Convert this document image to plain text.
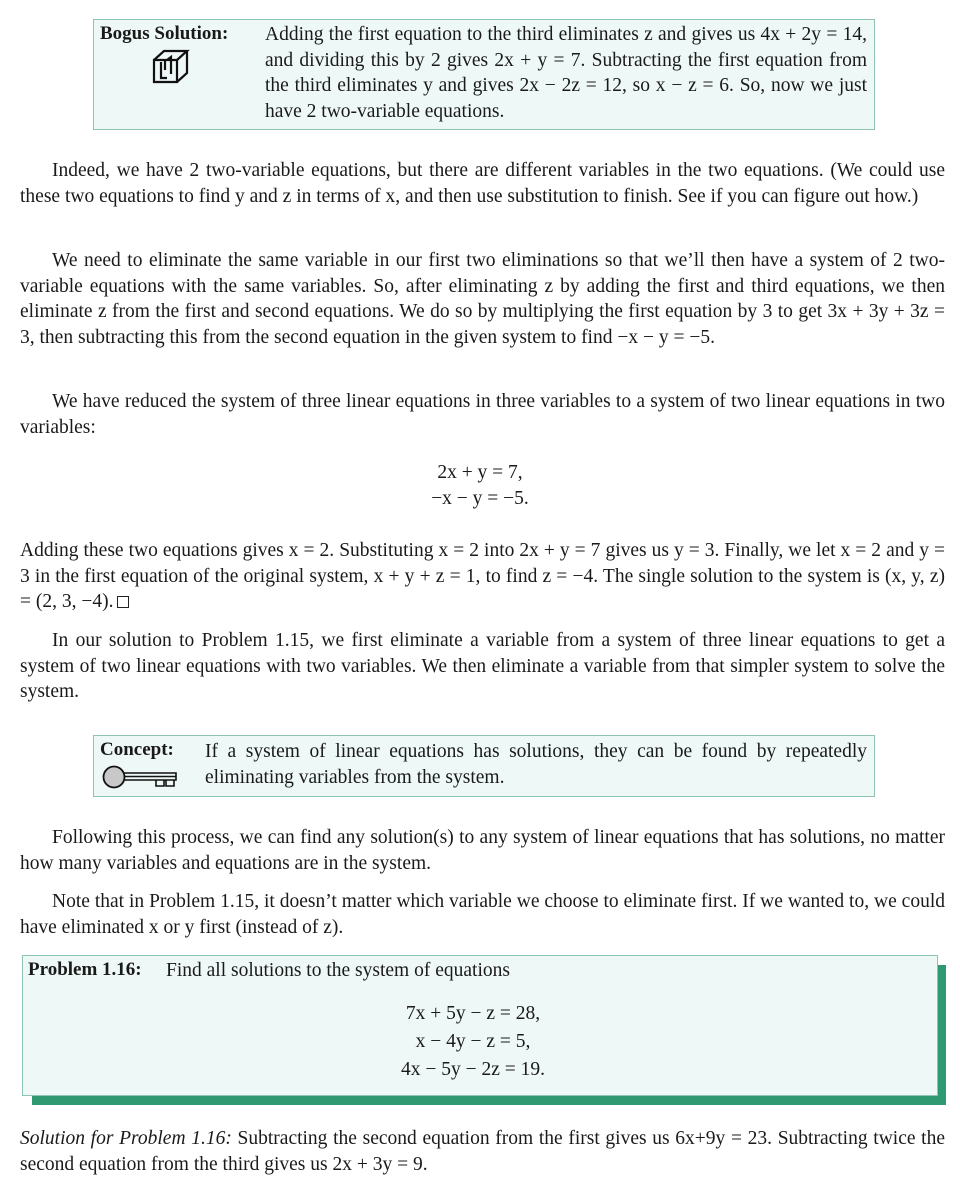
Bogus Solution: Adding the first equation to the third eliminates z and gives us 4x + 2y = 14, and dividing this by 2 gives 2x + y = 7. Subtracting the first equation from the third eliminates y and gives 2x − 2z = 12, so x − z = 6. So, now we just have 2 two-variable equations.
Indeed, we have 2 two-variable equations, but there are different variables in the two equations. (We could use these two equations to find y and z in terms of x, and then use substitution to finish. See if you can figure out how.)
We need to eliminate the same variable in our first two eliminations so that we’ll then have a system of 2 two-variable equations with the same variables. So, after eliminating z by adding the first and third equations, we then eliminate z from the first and second equations. We do so by multiplying the first equation by 3 to get 3x + 3y + 3z = 3, then subtracting this from the second equation in the given system to find −x − y = −5.
We have reduced the system of three linear equations in three variables to a system of two linear equations in two variables:
2x + y = 7,
−x − y = −5.
Adding these two equations gives x = 2. Substituting x = 2 into 2x + y = 7 gives us y = 3. Finally, we let x = 2 and y = 3 in the first equation of the original system, x + y + z = 1, to find z = −4. The single solution to the system is (x, y, z) = (2, 3, −4).
In our solution to Problem 1.15, we first eliminate a variable from a system of three linear equations to get a system of two linear equations with two variables. We then eliminate a variable from that simpler system to solve the system.
Concept: If a system of linear equations has solutions, they can be found by repeatedly eliminating variables from the system.
Following this process, we can find any solution(s) to any system of linear equations that has solutions, no matter how many variables and equations are in the system.
Note that in Problem 1.15, it doesn’t matter which variable we choose to eliminate first. If we wanted to, we could have eliminated x or y first (instead of z).
Problem 1.16: Find all solutions to the system of equations
7x + 5y − z = 28,
x − 4y − z = 5,
4x − 5y − 2z = 19.
Solution for Problem 1.16: Subtracting the second equation from the first gives us 6x+9y = 23. Subtracting twice the second equation from the third gives us 2x + 3y = 9.
